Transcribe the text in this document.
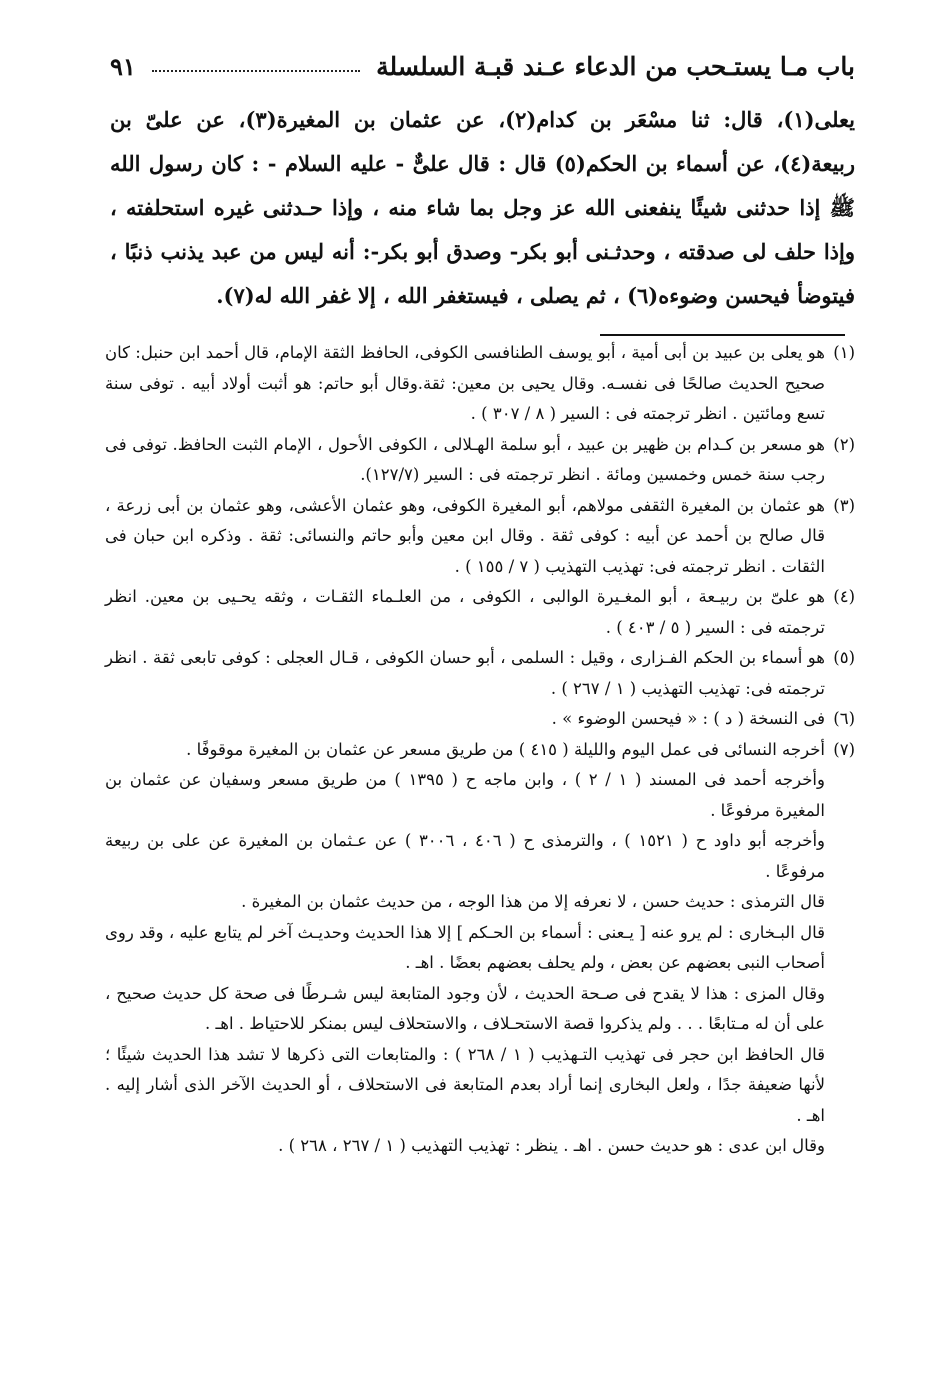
باب مـا يستـحب من الدعاء عـند قبـة السلسلة
٩١

يعلى(١)، قال: ثنا مسْعَر بن كدام(٢)، عن عثمان بن المغيرة(٣)، عن علىّ بن ربيعة(٤)، عن أسماء بن الحكم(٥) قال : قال علىٌّ - عليه السلام - : كان رسول الله ﷺ إذا حدثنى شيئًا ينفعنى الله عز وجل بما شاء منه ، وإذا حـدثنى غيره استحلفته ، وإذا حلف لى صدقته ، وحدثـنى أبو بكر- وصدق أبو بكر-: أنه ليس من عبد يذنب ذنبًا ، فيتوضأ فيحسن وضوءه(٦) ، ثم يصلى ، فيستغفر الله ، إلا غفر الله له(٧).

(١)

هو يعلى بن عبيد بن أبى أمية ، أبو يوسف الطنافسى الكوفى، الحافظ الثقة الإمام، قال أحمد ابن حنبل: كان صحيح الحديث صالحًا فى نفسـه. وقال يحيى بن معين: ثقة.وقال أبو حاتم: هو أثبت أولاد أبيه . توفى سنة تسع ومائتين . انظر ترجمته فى : السير ( ٨ / ٣٠٧ ) .

(٢)

هو مسعر بن كـدام بن ظهير بن عبيد ، أبو سلمة الهـلالى ، الكوفى الأحول ، الإمام الثبت الحافظ. توفى فى رجب سنة خمس وخمسين ومائة . انظر ترجمته فى : السير (١٢٧/٧).

(٣)

هو عثمان بن المغيرة الثقفى مولاهم، أبو المغيرة الكوفى، وهو عثمان الأعشى، وهو عثمان بن أبى زرعة ، قال صالح بن أحمد عن أبيه : كوفى ثقة . وقال ابن معين وأبو حاتم والنسائى: ثقة . وذكره ابن حبان فى الثقات . انظر ترجمته فى: تهذيب التهذيب ( ٧ / ١٥٥ ) .

(٤)

هو علىّ بن ربيـعة ، أبو المغـيرة الوالبى ، الكوفى ، من العلـماء الثقـات ، وثقه يحـيى بن معين. انظر ترجمته فى : السير ( ٥ / ٤٠٣ ) .

(٥)

هو أسماء بن الحكم الفـزارى ، وقيل : السلمى ، أبو حسان الكوفى ، قـال العجلى : كوفى تابعى ثقة . انظر ترجمته فى: تهذيب التهذيب ( ١ / ٢٦٧ ) .

(٦)

فى النسخة ( د ) : « فيحسن الوضوء » .

(٧)

أخرجه النسائى فى عمل اليوم والليلة ( ٤١٥ ) من طريق مسعر عن عثمان بن المغيرة موقوفًا .

وأخرجه أحمد فى المسند ( ١ / ٢ ) ، وابن ماجه ح ( ١٣٩٥ ) من طريق مسعر وسفيان عن عثمان بن المغيرة مرفوعًا .

وأخرجه أبو داود ح ( ١٥٢١ ) ، والترمذى ح ( ٤٠٦ ، ٣٠٠٦ ) عن عـثمان بن المغيرة عن على بن ربيعة مرفوعًا .

قال الترمذى : حديث حسن ، لا نعرفه إلا من هذا الوجه ، من حديث عثمان بن المغيرة .

قال البـخارى : لم يرو عنه [ يـعنى : أسماء بن الحـكم ] إلا هذا الحديث وحديـث آخر لم يتابع عليه ، وقد روى أصحاب النبى بعضهم عن بعض ، ولم يحلف بعضهم بعضًا . اهـ .

وقال المزى : هذا لا يقدح فى صـحة الحديث ، لأن وجود المتابعة ليس شـرطًا فى صحة كل حديث صحيح ، على أن له مـتابعًا . . . ولم يذكروا قصة الاستحـلاف ، والاستحلاف ليس بمنكر للاحتياط . اهـ .

قال الحافظ ابن حجر فى تهذيب التـهذيب ( ١ / ٢٦٨ ) : والمتابعات التى ذكرها لا تشد هذا الحديث شيئًا ؛ لأنها ضعيفة جدًا ، ولعل البخارى إنما أراد بعدم المتابعة فى الاستحلاف ، أو الحديث الآخر الذى أشار إليه . اهـ .

وقال ابن عدى : هو حديث حسن . اهـ . ينظر : تهذيب التهذيب ( ١ / ٢٦٧ ، ٢٦٨ ) .
